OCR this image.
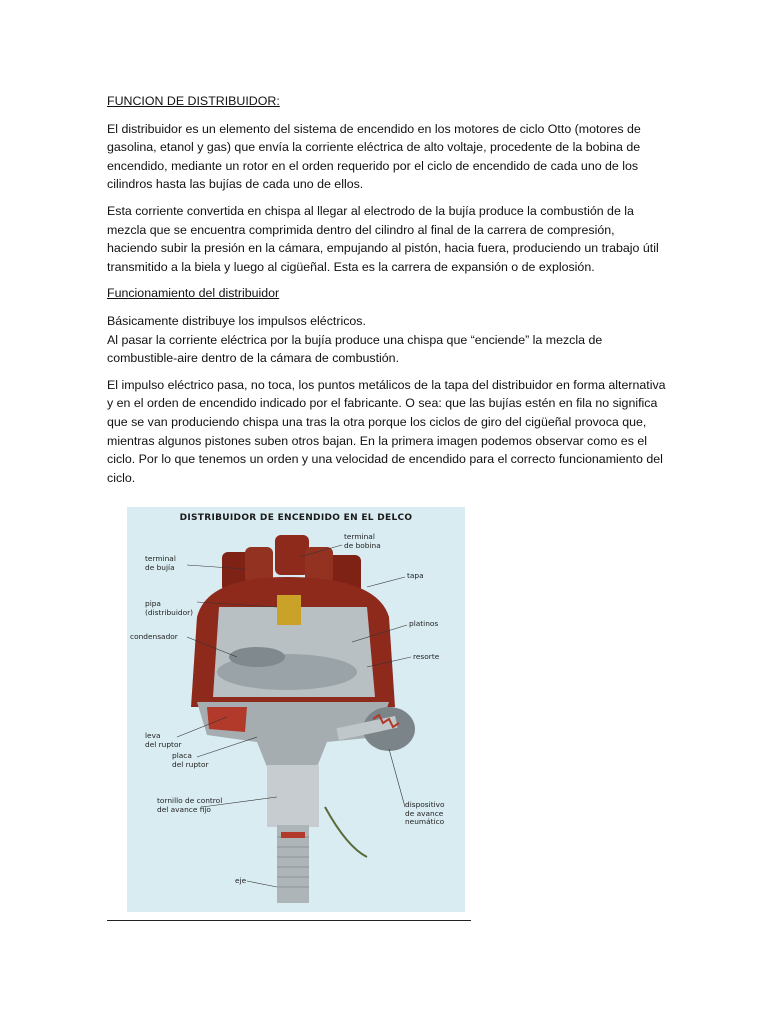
FUNCION DE DISTRIBUIDOR:

El distribuidor es un elemento del sistema de encendido en los motores de ciclo Otto (motores de gasolina, etanol y gas) que envía la corriente eléctrica de alto voltaje, procedente de la bobina de encendido, mediante un rotor en el orden requerido por el ciclo de encendido de cada uno de los cilindros hasta las bujías de cada uno de ellos.

Esta corriente convertida en chispa al llegar al electrodo de la bujía produce la combustión de la mezcla que se encuentra comprimida dentro del cilindro al final de la carrera de compresión, haciendo subir la presión en la cámara, empujando al pistón, hacia fuera, produciendo un trabajo útil transmitido a la biela y luego al cigüeñal. Esta es la carrera de expansión o de explosión.

Funcionamiento del distribuidor

Básicamente distribuye los impulsos eléctricos.

Al pasar la corriente eléctrica por la bujía produce una chispa que “enciende” la mezcla de combustible-aire dentro de la cámara de combustión.

El impulso eléctrico pasa, no toca, los puntos metálicos de la tapa del distribuidor en forma alternativa y en el orden de encendido indicado por el fabricante. O sea: que las bujías estén en fila no significa que se van produciendo chispa una tras la otra porque los ciclos de giro del cigüeñal provoca que, mientras algunos pistones suben otros bajan. En la primera imagen podemos observar como es el ciclo. Por lo que tenemos un orden y una velocidad de encendido para el correcto funcionamiento del ciclo.

DISTRIBUIDOR DE ENCENDIDO EN EL DELCO
terminal
de bujía
terminal
de bobina
tapa
pipa
(distribuidor)
platinos
condensador
resorte
leva
del ruptor
placa
del ruptor
tornillo de control
del avance fijo	dispositivo
de avance
neumático
eje
